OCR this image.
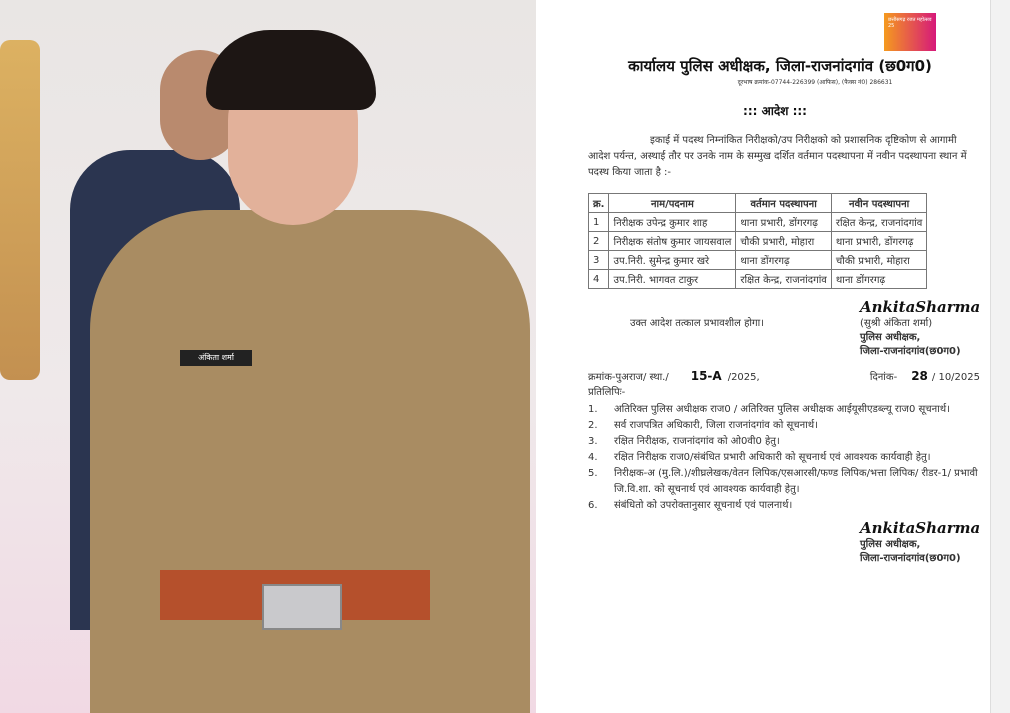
अंकिता शर्मा
छत्तीसगढ़ रजत महोत्सव 25
कार्यालय पुलिस अधीक्षक, जिला-राजनांदगांव (छ0ग0)
दूरभाष क्रमांक-07744-226399 (आफिस), (फैक्स नं0) 286631
::: आदेश :::
इकाई में पदस्थ निम्नांकित निरीक्षको/उप निरीक्षको को प्रशासनिक दृष्टिकोण से आगामी आदेश पर्यन्त, अस्थाई तौर पर उनके नाम के सम्मुख दर्शित वर्तमान पदस्थापना में नवीन पदस्थापना स्थान में पदस्थ किया जाता है :-
क्र.	नाम/पदनाम	वर्तमान पदस्थापना	नवीन पदस्थापना
1	निरीक्षक उपेन्द्र कुमार शाह	थाना प्रभारी, डोंगरगढ़	रक्षित केन्द्र, राजनांदगांव
2	निरीक्षक संतोष कुमार जायसवाल	चौकी प्रभारी, मोहारा	थाना प्रभारी, डोंगरगढ़
3	उप.निरी. सुमेन्द्र कुमार खरे	थाना डोंगरगढ़	चौकी प्रभारी, मोहारा
4	उप.निरी. भागवत टाकुर	रक्षित केन्द्र, राजनांदगांव	थाना डोंगरगढ़
उक्त आदेश तत्काल प्रभावशील होगा।
AnkitaSharma
(सुश्री अंकिता शर्मा)
पुलिस अधीक्षक,
जिला-राजनांदगांव(छ0ग0)
क्रमांक-पुअराज/ स्था./ 15-A /2025,	दिनांक- 28 / 10/2025
प्रतिलिपिः-
1.	अतिरिक्त पुलिस अधीक्षक राज0 / अतिरिक्त पुलिस अधीक्षक आईयूसीएडब्ल्यू राज0 सूचनार्थ।
2.	सर्व राजपत्रित अधिकारी, जिला राजनांदगांव को सूचनार्थ।
3.	रक्षित निरीक्षक, राजनांदगांव को ओ0वी0 हेतु।
4.	रक्षित निरीक्षक राज0/संबंधित प्रभारी अधिकारी को सूचनार्थ एवं आवश्यक कार्यवाही हेतु।
5.	निरीक्षक-अ (मु.लि.)/शीघ्रलेखक/वेतन लिपिक/एसआरसी/फण्ड लिपिक/भत्ता लिपिक/ रीडर-1/ प्रभावी जि.वि.शा. को सूचनार्थ एवं आवश्यक कार्यवाही हेतु।
6.	संबंधितो को उपरोक्तानुसार सूचनार्थ एवं पालनार्थ।
AnkitaSharma
पुलिस अधीक्षक,
जिला-राजनांदगांव(छ0ग0)
